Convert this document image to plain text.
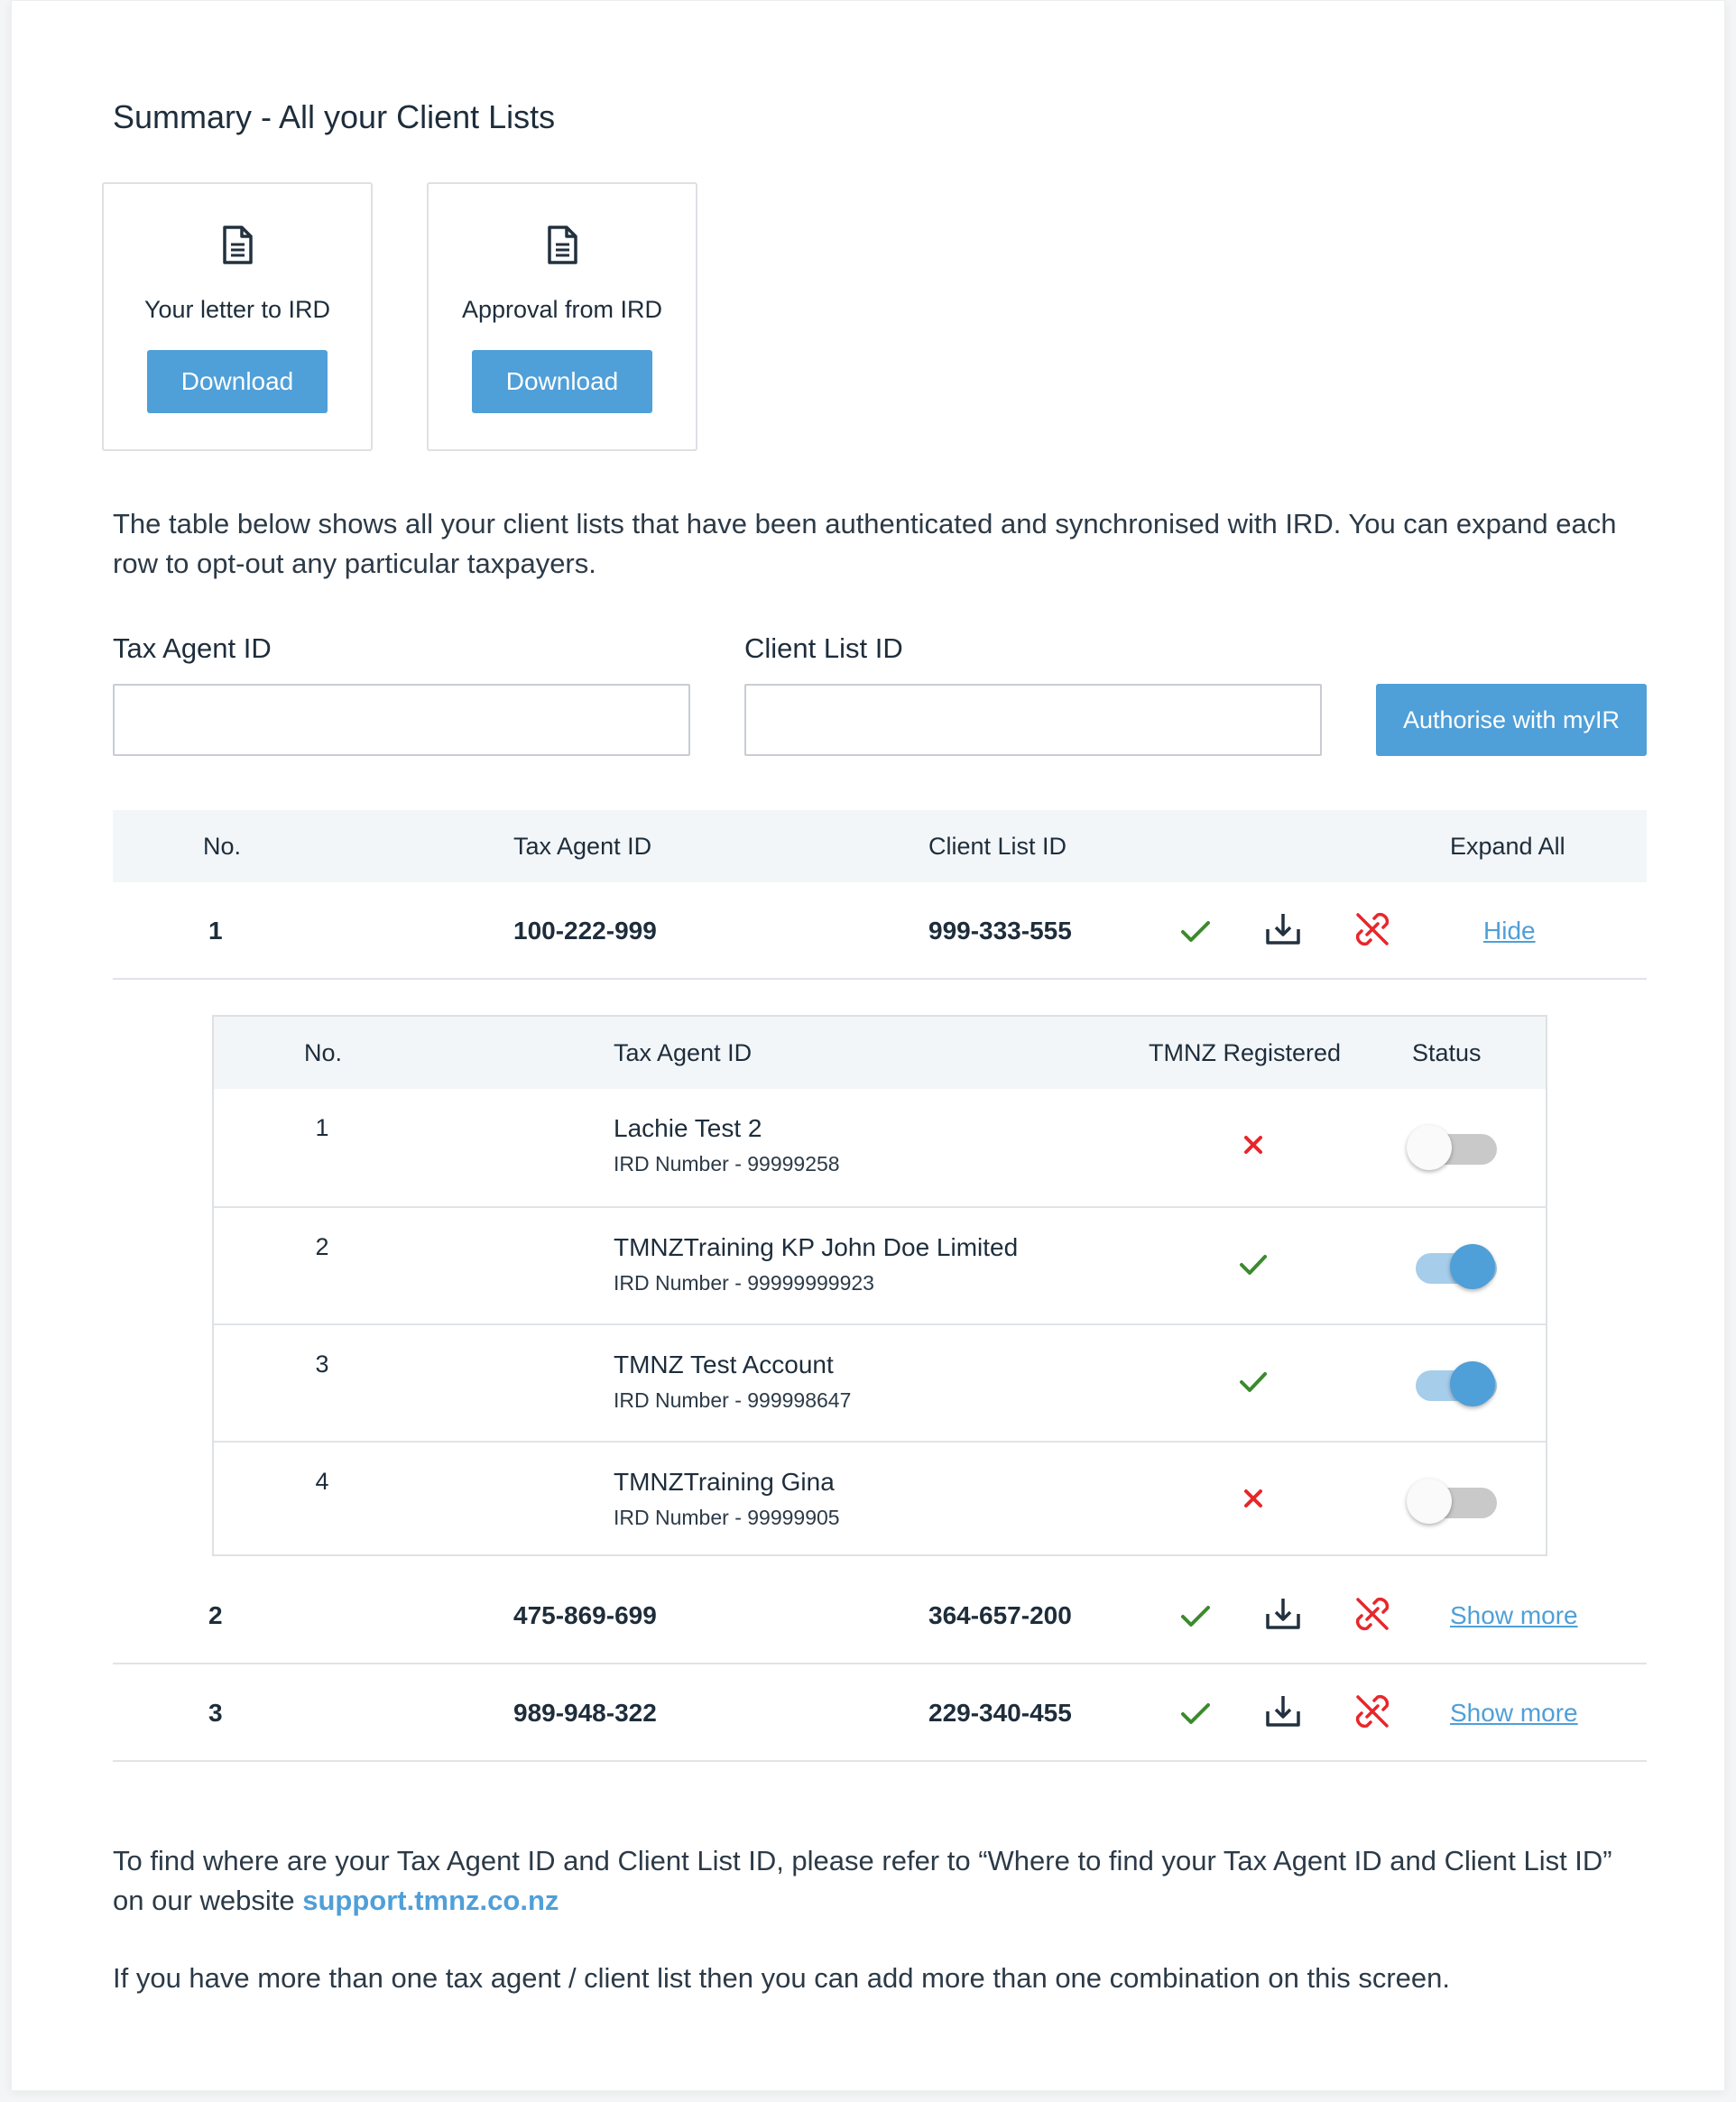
Summary - All your Client Lists
Your letter to IRD
Download
Approval from IRD
Download
The table below shows all your client lists that have been authenticated and synchronised with IRD. You can expand each row to opt-out any particular taxpayers.
Tax Agent ID	Client List ID
Authorise with myIR
No.	Tax Agent ID	Client List ID	Expand All
1	100-222-999	999-333-555	Hide
No.	Tax Agent ID	TMNZ Registered	Status
1	Lachie Test 2
IRD Number - 99999258
2	TMNZTraining KP John Doe Limited
IRD Number - 99999999923
3	TMNZ Test Account
IRD Number - 999998647
4	TMNZTraining Gina
IRD Number - 99999905
2	475-869-699	364-657-200	Show more
3	989-948-322	229-340-455	Show more
To find where are your Tax Agent ID and Client List ID, please refer to “Where to find your Tax Agent ID and Client List ID” on our website support.tmnz.co.nz
If you have more than one tax agent / client list then you can add more than one combination on this screen.
